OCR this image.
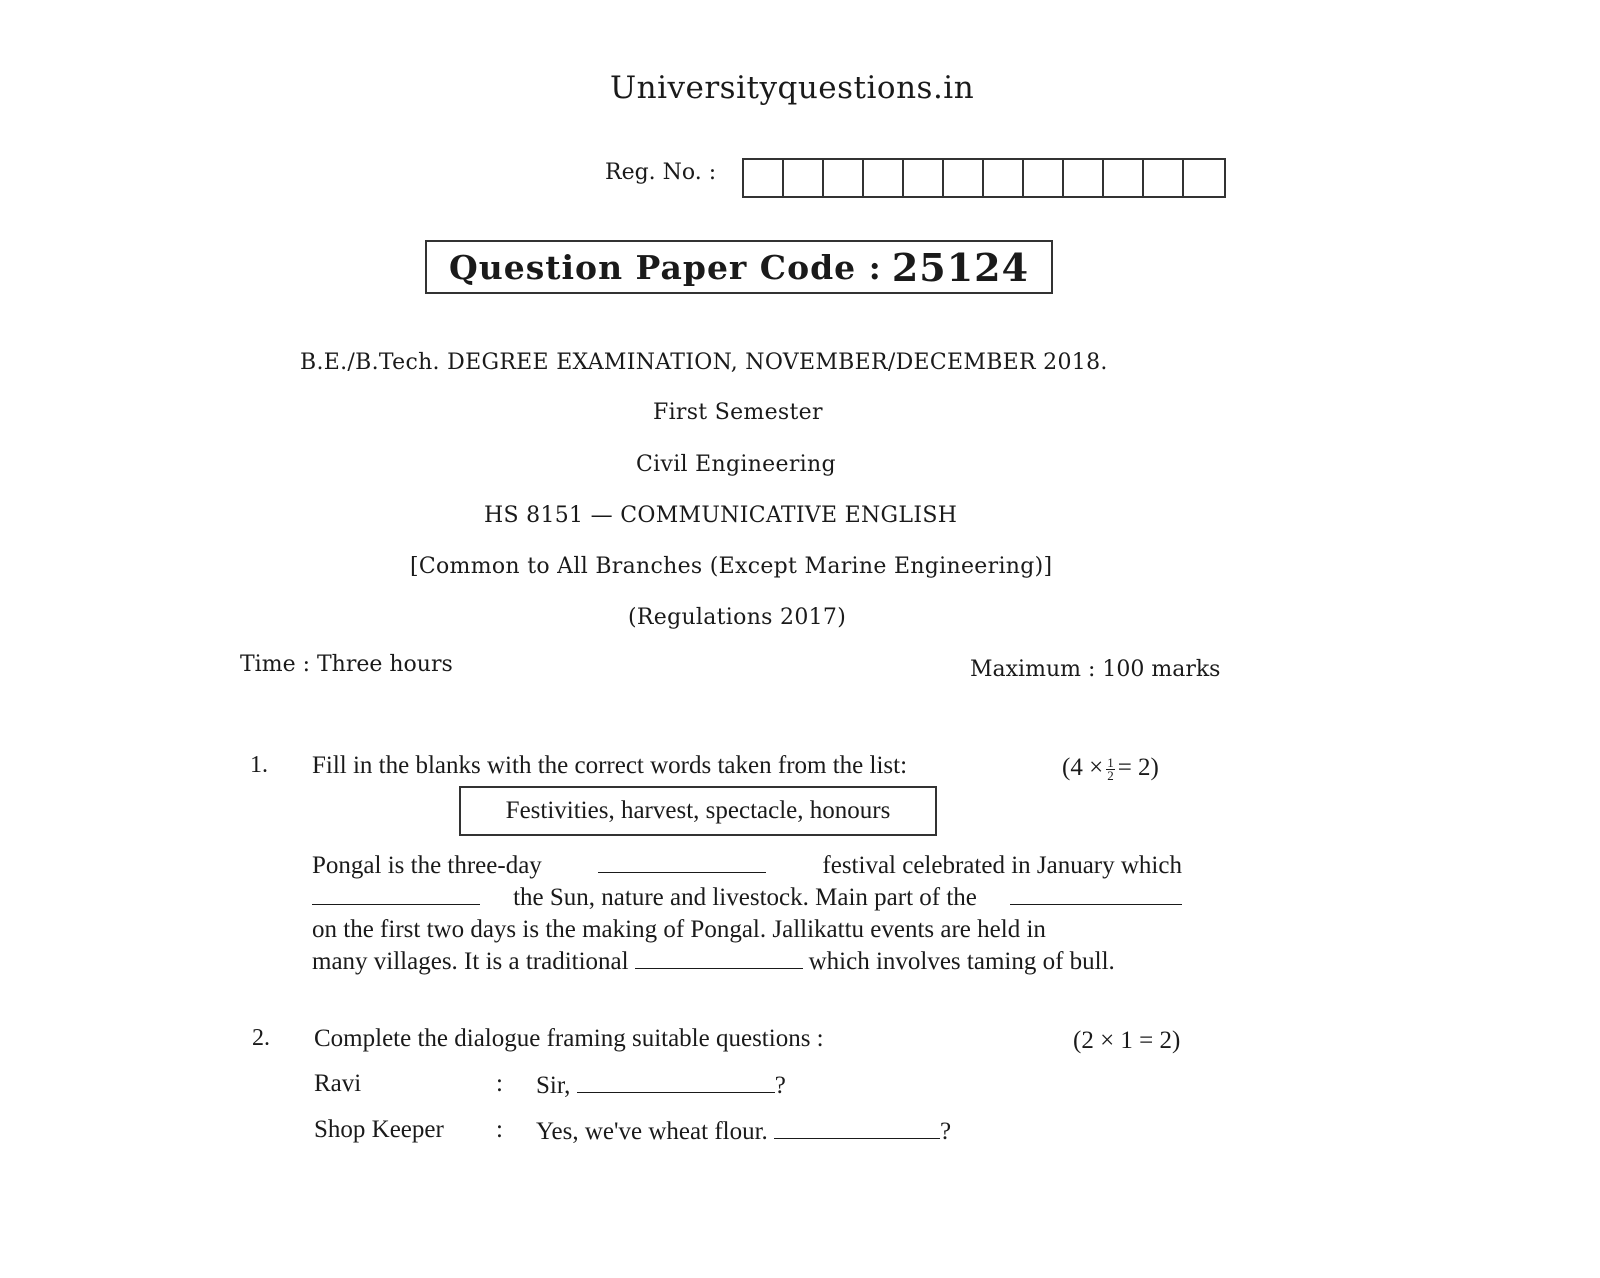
Universityquestions.in
Reg. No. :
Question Paper Code : 25124
B.E./B.Tech. DEGREE EXAMINATION, NOVEMBER/DECEMBER 2018.
First Semester
Civil Engineering
HS 8151 — COMMUNICATIVE ENGLISH
[Common to All Branches (Except Marine Engineering)]
(Regulations 2017)
Time : Three hours	Maximum : 100 marks
1. Fill in the blanks with the correct words taken from the list:	$(4 \times \frac{1}{2} = 2)$
Festivities, harvest, spectacle, honours
Pongal is the three-day	festival celebrated in January which
the Sun, nature and livestock. Main part of the
on the first two days is the making of Pongal. Jallikattu events are held in
many villages. It is a traditional	which involves taming of bull.
2. Complete the dialogue framing suitable questions :	(2 × 1 = 2)
Ravi	: Sir,	?
Shop Keeper : Yes, we've wheat flour.	?
